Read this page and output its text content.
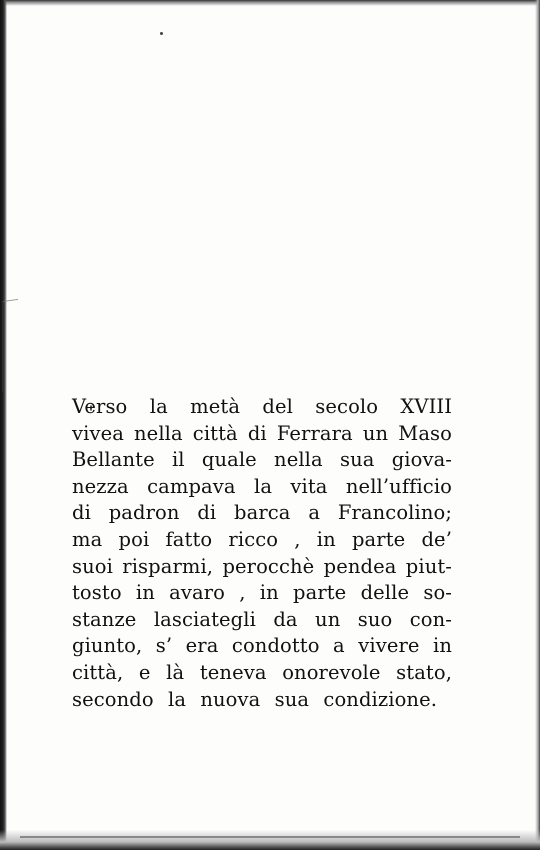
Verso la metà del secolo XVIII
vivea nella città di Ferrara un Maso
Bellante il quale nella sua giova-
nezza campava la vita nell’ufficio
di padron di barca a Francolino;
ma poi fatto ricco , in parte de’
suoi risparmi, perocchè pendea piut-
tosto in avaro , in parte delle so-
stanze lasciategli da un suo con-
giunto, s’ era condotto a vivere in
città, e là teneva onorevole stato,
secondo la nuova sua condizione.
